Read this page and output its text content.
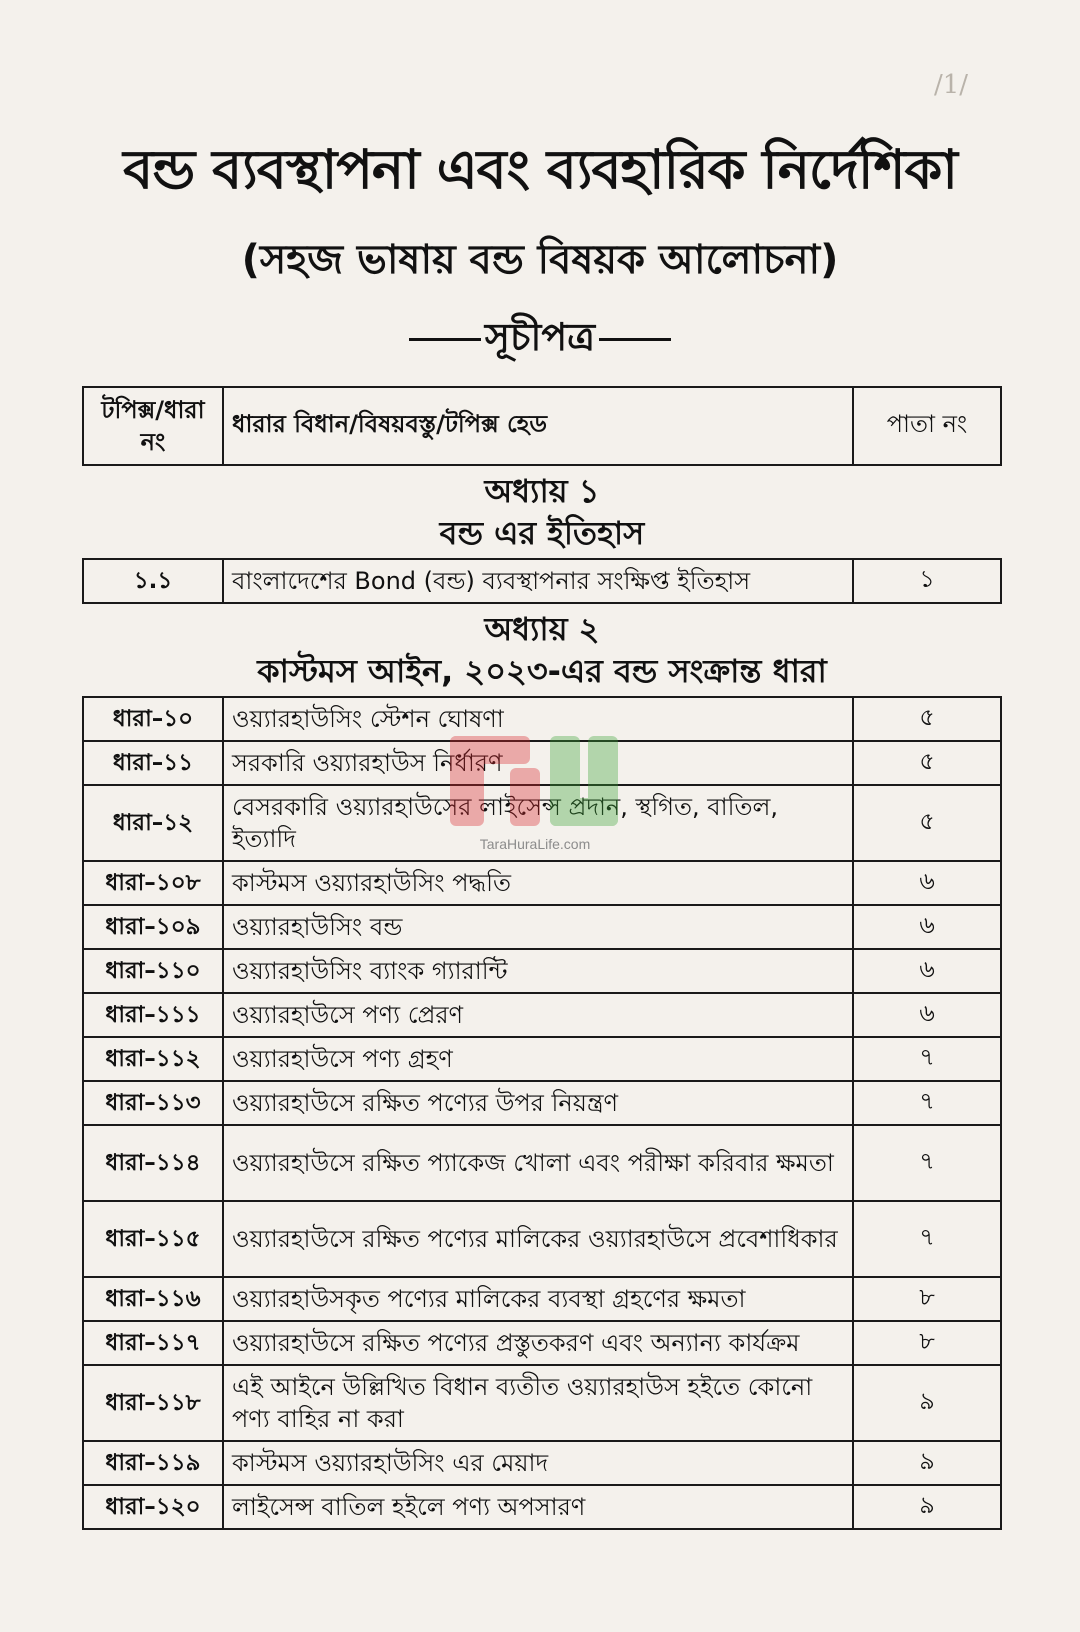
/1/
বন্ড ব্যবস্থাপনা এবং ব্যবহারিক নির্দেশিকা
(সহজ ভাষায় বন্ড বিষয়ক আলোচনা)
সূচীপত্র
টপিক্স/ধারা নং	ধারার বিধান/বিষয়বস্তু/টপিক্স হেড	পাতা নং

অধ্যায় ১
বন্ড এর ইতিহাস		

১.১	বাংলাদেশের Bond (বন্ড) ব্যবস্থাপনার সংক্ষিপ্ত ইতিহাস	১

অধ্যায় ২
কাস্টমস আইন, ২০২৩-এর বন্ড সংক্রান্ত ধারা		

ধারা–১০	ওয়্যারহাউসিং স্টেশন ঘোষণা	৫
ধারা–১১	সরকারি ওয়্যারহাউস নির্ধারণ	৫
ধারা–১২	বেসরকারি ওয়্যারহাউসের লাইসেন্স প্রদান, স্থগিত, বাতিল, ইত্যাদি	৫
ধারা–১০৮	কাস্টমস ওয়্যারহাউসিং পদ্ধতি	৬
ধারা–১০৯	ওয়্যারহাউসিং বন্ড	৬
ধারা–১১০	ওয়্যারহাউসিং ব্যাংক গ্যারান্টি	৬
ধারা–১১১	ওয়্যারহাউসে পণ্য প্রেরণ	৬
ধারা–১১২	ওয়্যারহাউসে পণ্য গ্রহণ	৭
ধারা–১১৩	ওয়্যারহাউসে রক্ষিত পণ্যের উপর নিয়ন্ত্রণ	৭
ধারা–১১৪	ওয়্যারহাউসে রক্ষিত প্যাকেজ খোলা এবং পরীক্ষা করিবার ক্ষমতা	৭
ধারা–১১৫	ওয়্যারহাউসে রক্ষিত পণ্যের মালিকের ওয়্যারহাউসে প্রবেশাধিকার	৭
ধারা–১১৬	ওয়্যারহাউসকৃত পণ্যের মালিকের ব্যবস্থা গ্রহণের ক্ষমতা	৮
ধারা–১১৭	ওয়্যারহাউসে রক্ষিত পণ্যের প্রস্তুতকরণ এবং অন্যান্য কার্যক্রম	৮
ধারা–১১৮	এই আইনে উল্লিখিত বিধান ব্যতীত ওয়্যারহাউস হইতে কোনো পণ্য বাহির না করা	৯
ধারা–১১৯	কাস্টমস ওয়্যারহাউসিং এর মেয়াদ	৯
ধারা–১২০	লাইসেন্স বাতিল হইলে পণ্য অপসারণ	৯
TaraHuraLife.com
